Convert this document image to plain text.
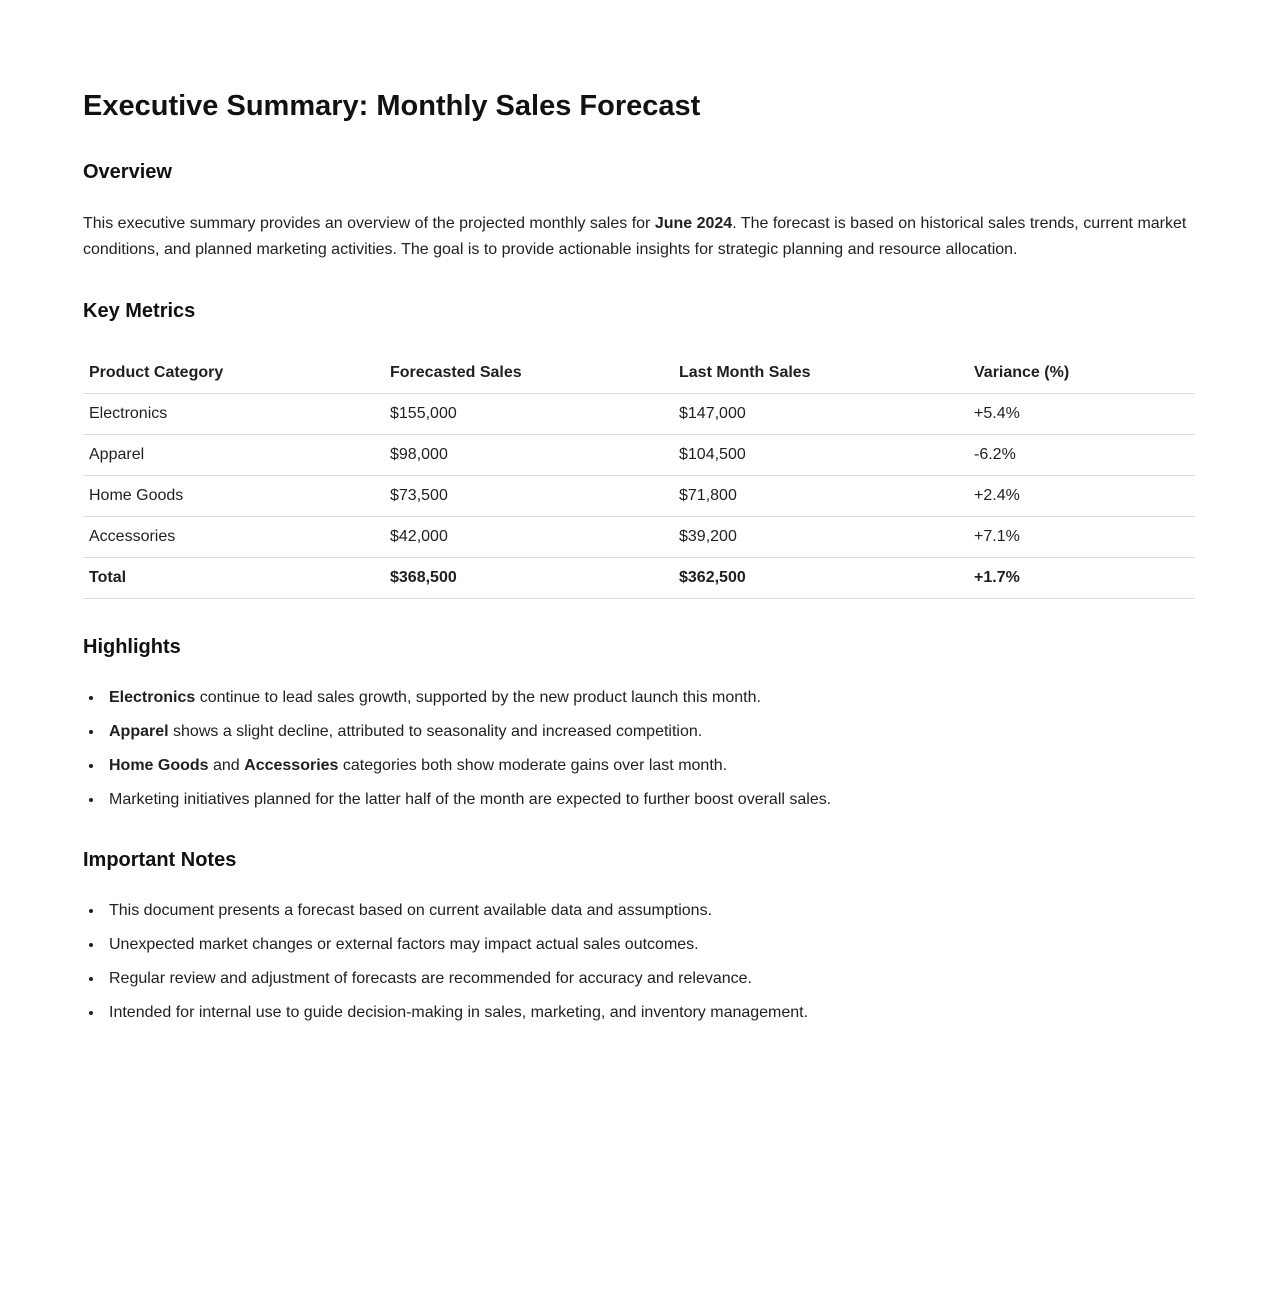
Executive Summary: Monthly Sales Forecast
Overview

This executive summary provides an overview of the projected monthly sales for June 2024. The forecast is based on historical sales trends, current market conditions, and planned marketing activities. The goal is to provide actionable insights for strategic planning and resource allocation.

Key Metrics
Product Category	Forecasted Sales	Last Month Sales	Variance (%)
Electronics	$155,000	$147,000	+5.4%
Apparel	$98,000	$104,500	-6.2%
Home Goods	$73,500	$71,800	+2.4%
Accessories	$42,000	$39,200	+7.1%
Total	$368,500	$362,500	+1.7%
Highlights
• Electronics continue to lead sales growth, supported by the new product launch this month.
• Apparel shows a slight decline, attributed to seasonality and increased competition.
• Home Goods and Accessories categories both show moderate gains over last month.
• Marketing initiatives planned for the latter half of the month are expected to further boost overall sales.
Important Notes
• This document presents a forecast based on current available data and assumptions.
• Unexpected market changes or external factors may impact actual sales outcomes.
• Regular review and adjustment of forecasts are recommended for accuracy and relevance.
• Intended for internal use to guide decision-making in sales, marketing, and inventory management.
